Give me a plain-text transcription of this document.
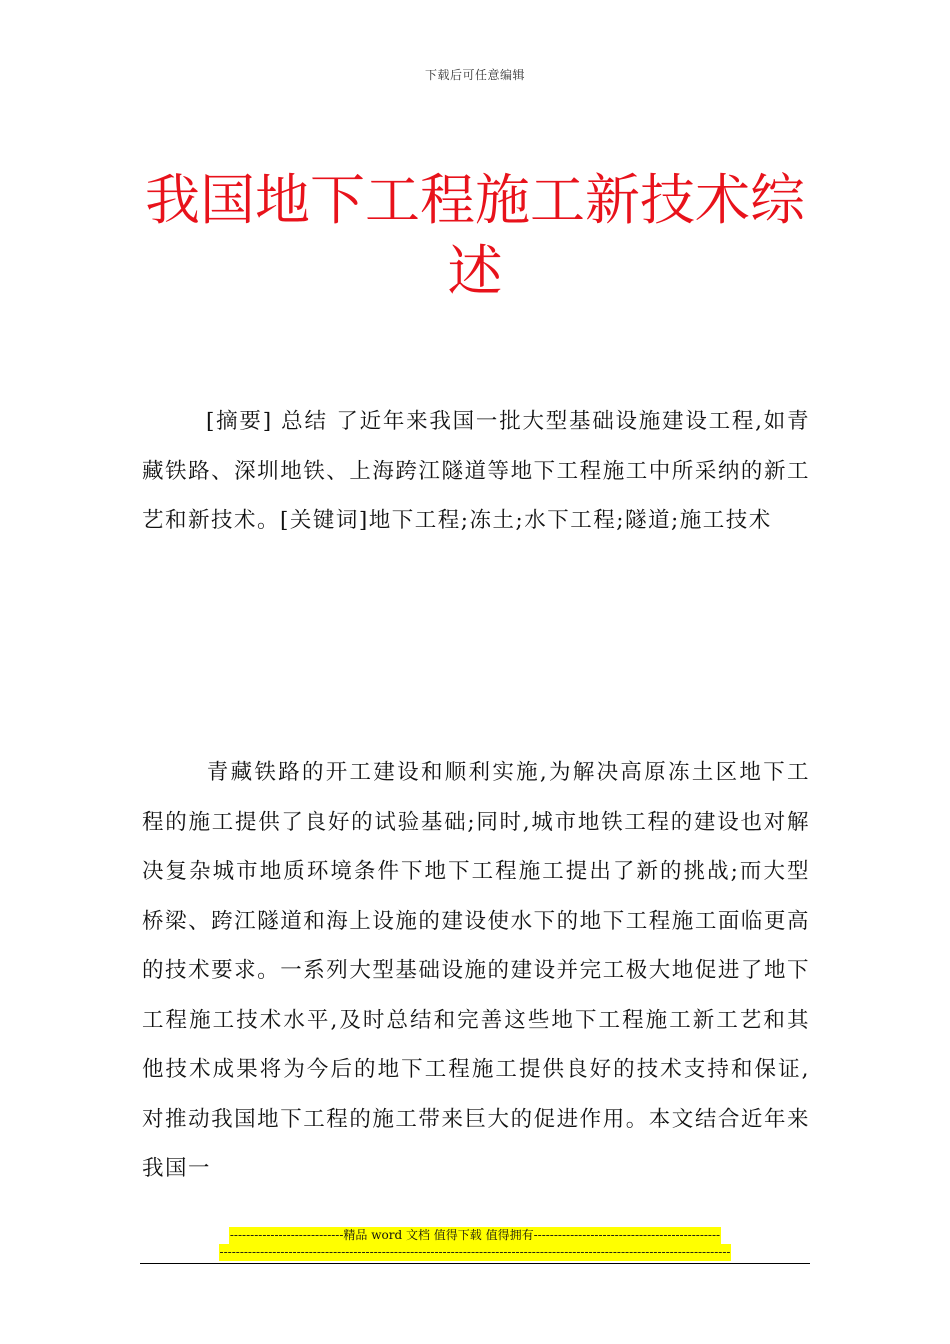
下载后可任意编辑
我国地下工程施工新技术综述

[摘要] 总结 了近年来我国一批大型基础设施建设工程,如青藏铁路、深圳地铁、上海跨江隧道等地下工程施工中所采纳的新工艺和新技术。[关键词]地下工程;冻土;水下工程;隧道;施工技术

青藏铁路的开工建设和顺利实施,为解决高原冻土区地下工程的施工提供了良好的试验基础;同时,城市地铁工程的建设也对解决复杂城市地质环境条件下地下工程施工提出了新的挑战;而大型桥梁、跨江隧道和海上设施的建设使水下的地下工程施工面临更高的技术要求。一系列大型基础设施的建设并完工极大地促进了地下工程施工技术水平,及时总结和完善这些地下工程施工新工艺和其他技术成果将为今后的地下工程施工提供良好的技术支持和保证,对推动我国地下工程的施工带来巨大的促进作用。本文结合近年来我国一

----------------------------精品 word 文档 值得下载 值得拥有----------------------------------------------
------------------------------------------------------------------------------------------------------------------------------
